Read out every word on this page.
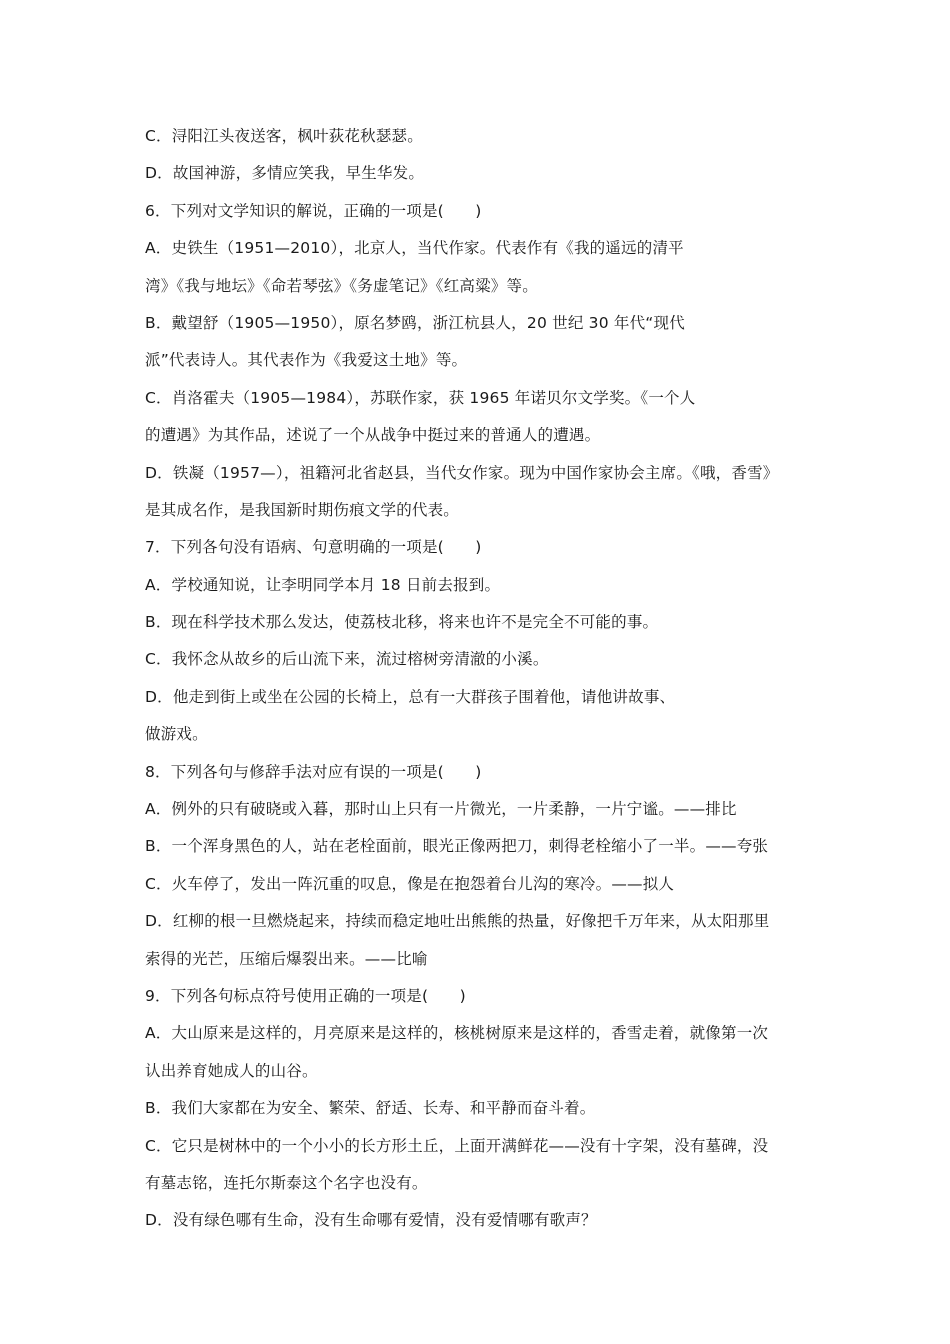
C．浔阳江头夜送客，枫叶荻花秋瑟瑟。
D．故国神游，多情应笑我，早生华发。
6．下列对文学知识的解说，正确的一项是(　　)
A．史铁生（1951—2010），北京人，当代作家。代表作有《我的遥远的清平
湾》《我与地坛》《命若琴弦》《务虚笔记》《红高粱》等。
B．戴望舒（1905—1950），原名梦鸥，浙江杭县人，20 世纪 30 年代“现代
派”代表诗人。其代表作为《我爱这土地》等。
C．肖洛霍夫（1905—1984），苏联作家，获 1965 年诺贝尔文学奖。《一个人
的遭遇》为其作品，述说了一个从战争中挺过来的普通人的遭遇。
D．铁凝（1957—），祖籍河北省赵县，当代女作家。现为中国作家协会主席。《哦，香雪》
是其成名作，是我国新时期伤痕文学的代表。
7．下列各句没有语病、句意明确的一项是(　　)
A．学校通知说，让李明同学本月 18 日前去报到。
B．现在科学技术那么发达，使荔枝北移，将来也许不是完全不可能的事。
C．我怀念从故乡的后山流下来，流过榕树旁清澈的小溪。
D．他走到街上或坐在公园的长椅上，总有一大群孩子围着他，请他讲故事、
做游戏。
8．下列各句与修辞手法对应有误的一项是(　　)
A．例外的只有破晓或入暮，那时山上只有一片微光，一片柔静，一片宁谧。——排比
B．一个浑身黑色的人，站在老栓面前，眼光正像两把刀，刺得老栓缩小了一半。——夸张
C．火车停了，发出一阵沉重的叹息，像是在抱怨着台儿沟的寒冷。——拟人
D．红柳的根一旦燃烧起来，持续而稳定地吐出熊熊的热量，好像把千万年来，从太阳那里
索得的光芒，压缩后爆裂出来。——比喻
9．下列各句标点符号使用正确的一项是(　　)
A．大山原来是这样的，月亮原来是这样的，核桃树原来是这样的，香雪走着，就像第一次
认出养育她成人的山谷。
B．我们大家都在为安全、繁荣、舒适、长寿、和平静而奋斗着。
C．它只是树林中的一个小小的长方形土丘，上面开满鲜花——没有十字架，没有墓碑，没
有墓志铭，连托尔斯泰这个名字也没有。
D．没有绿色哪有生命，没有生命哪有爱情，没有爱情哪有歌声？
